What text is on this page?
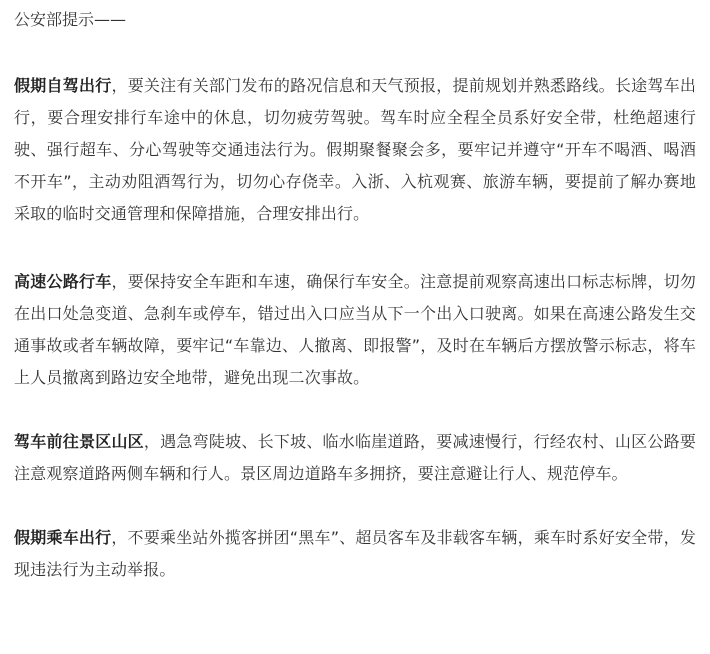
公安部提示——

假期自驾出行，要关注有关部门发布的路况信息和天气预报，提前规划并熟悉路线。长途驾车出行，要合理安排行车途中的休息，切勿疲劳驾驶。驾车时应全程全员系好安全带，杜绝超速行驶、强行超车、分心驾驶等交通违法行为。假期聚餐聚会多，要牢记并遵守“开车不喝酒、喝酒不开车”，主动劝阻酒驾行为，切勿心存侥幸。入浙、入杭观赛、旅游车辆，要提前了解办赛地采取的临时交通管理和保障措施，合理安排出行。

高速公路行车，要保持安全车距和车速，确保行车安全。注意提前观察高速出口标志标牌，切勿在出口处急变道、急刹车或停车，错过出入口应当从下一个出入口驶离。如果在高速公路发生交通事故或者车辆故障，要牢记“车靠边、人撤离、即报警”，及时在车辆后方摆放警示标志，将车上人员撤离到路边安全地带，避免出现二次事故。

驾车前往景区山区，遇急弯陡坡、长下坡、临水临崖道路，要减速慢行，行经农村、山区公路要注意观察道路两侧车辆和行人。景区周边道路车多拥挤，要注意避让行人、规范停车。

假期乘车出行，不要乘坐站外揽客拼团“黑车”、超员客车及非载客车辆，乘车时系好安全带，发现违法行为主动举报。
